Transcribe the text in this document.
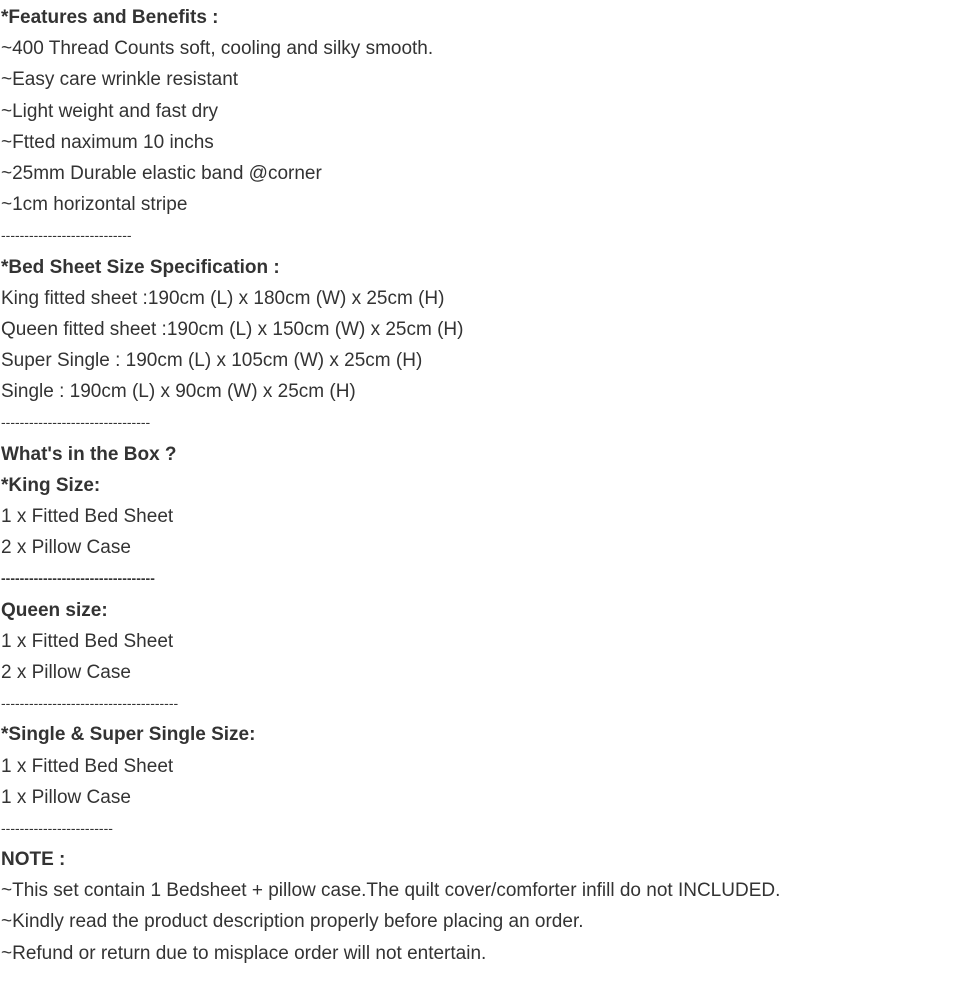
*Features and Benefits :
~400 Thread Counts soft, cooling and silky smooth.
~Easy care wrinkle resistant
~Light weight and fast dry
~Ftted naximum 10 inchs
~25mm Durable elastic band @corner
~1cm horizontal stripe
----------------------------
*Bed Sheet Size Specification :
King fitted sheet :190cm (L) x 180cm (W) x 25cm (H)
Queen fitted sheet :190cm (L) x 150cm (W) x 25cm (H)
Super Single : 190cm (L) x 105cm (W) x 25cm (H)
Single : 190cm (L) x 90cm (W) x 25cm (H)
--------------------------------
What's in the Box ?
*King Size:
1 x Fitted Bed Sheet
2 x Pillow Case
---------------------------------
Queen size:
1 x Fitted Bed Sheet
2 x Pillow Case
--------------------------------------
*Single & Super Single Size:
1 x Fitted Bed Sheet
1 x Pillow Case
------------------------
NOTE :
~This set contain 1 Bedsheet + pillow case.The quilt cover/comforter infill do not INCLUDED.
~Kindly read the product description properly before placing an order.
~Refund or return due to misplace order will not entertain.
